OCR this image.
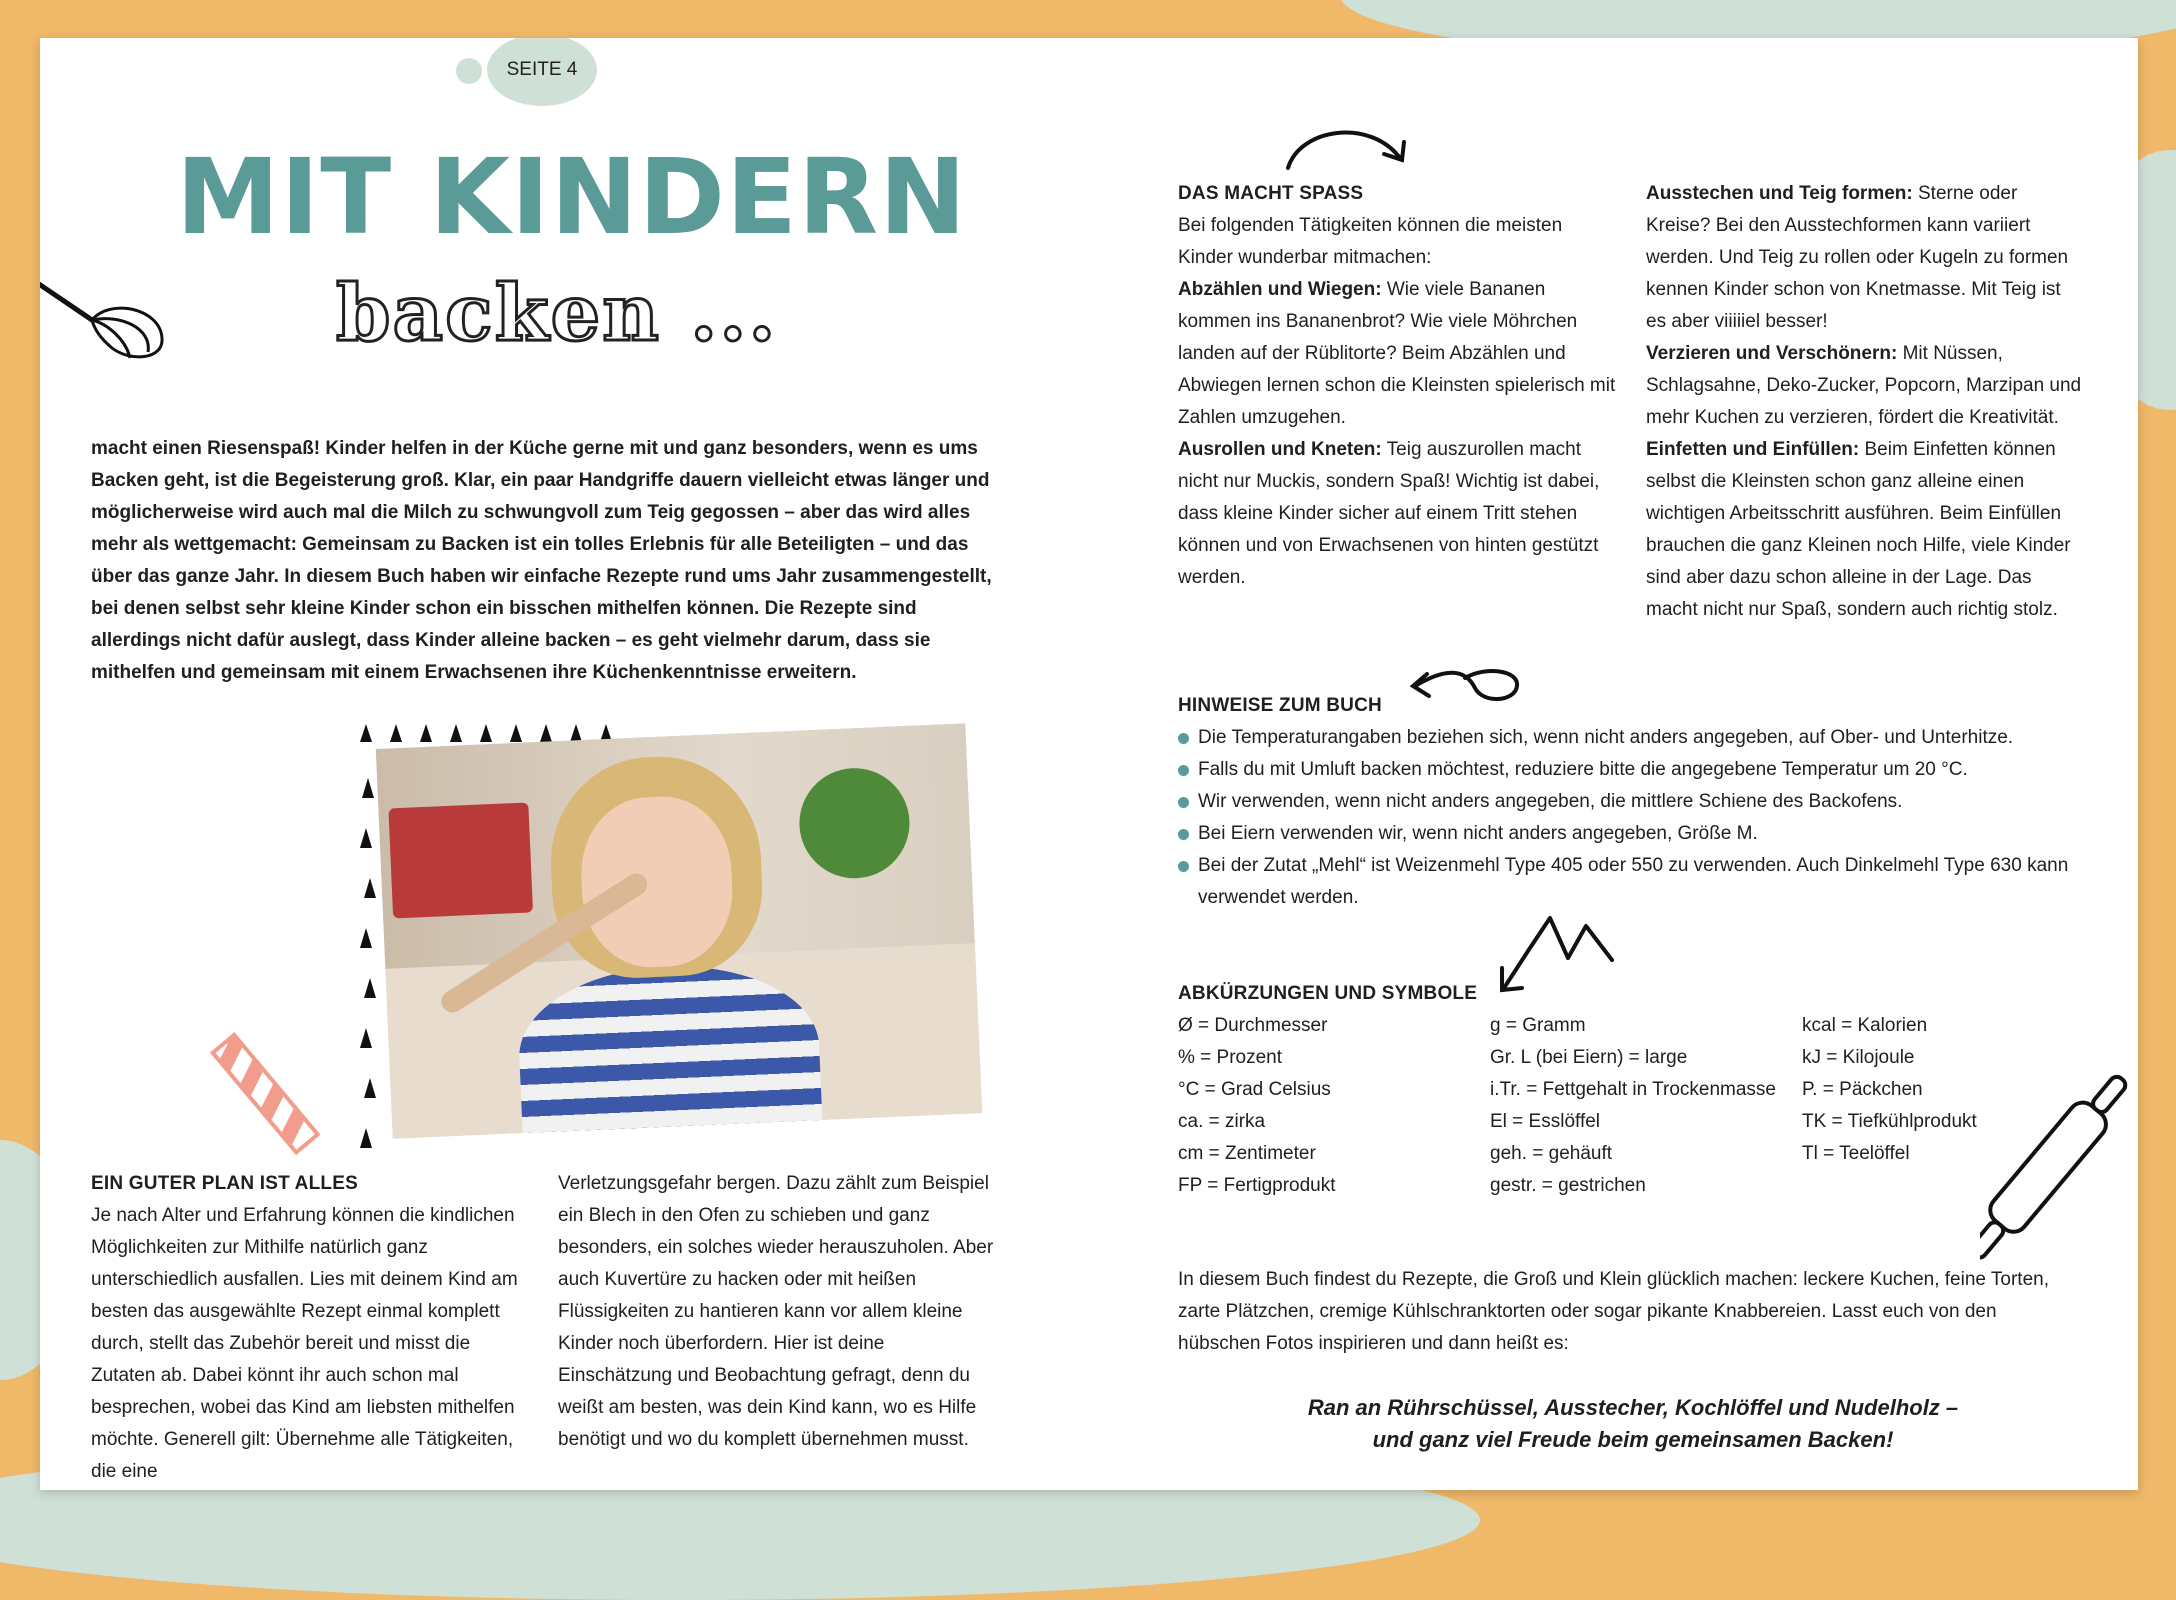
SEITE 4
MIT KINDERN
backen ...
macht einen Riesenspaß! Kinder helfen in der Küche gerne mit und ganz besonders, wenn es ums Backen geht, ist die Begeisterung groß. Klar, ein paar Handgriffe dauern vielleicht etwas länger und möglicherweise wird auch mal die Milch zu schwungvoll zum Teig gegossen – aber das wird alles mehr als wettgemacht: Gemeinsam zu Backen ist ein tolles Erlebnis für alle Beteiligten – und das über das ganze Jahr. In diesem Buch haben wir einfache Rezepte rund ums Jahr zusammengestellt, bei denen selbst sehr kleine Kinder schon ein bisschen mithelfen können. Die Rezepte sind allerdings nicht dafür auslegt, dass Kinder alleine backen – es geht vielmehr darum, dass sie mithelfen und gemeinsam mit einem Erwachsenen ihre Küchenkenntnisse erweitern.
EIN GUTER PLAN IST ALLES
Je nach Alter und Erfahrung können die kindlichen Möglichkeiten zur Mithilfe natürlich ganz unterschiedlich ausfallen. Lies mit deinem Kind am besten das ausgewählte Rezept einmal komplett durch, stellt das Zubehör bereit und misst die Zutaten ab. Dabei könnt ihr auch schon mal besprechen, wobei das Kind am liebsten mithelfen möchte. Generell gilt: Übernehme alle Tätigkeiten, die eine
Verletzungsgefahr bergen. Dazu zählt zum Beispiel ein Blech in den Ofen zu schieben und ganz besonders, ein solches wieder herauszuholen. Aber auch Kuvertüre zu hacken oder mit heißen Flüssigkeiten zu hantieren kann vor allem kleine Kinder noch überfordern. Hier ist deine Einschätzung und Beobachtung gefragt, denn du weißt am besten, was dein Kind kann, wo es Hilfe benötigt und wo du komplett übernehmen musst.
DAS MACHT SPASS

Bei folgenden Tätigkeiten können die meisten Kinder wunderbar mitmachen:

Abzählen und Wiegen: Wie viele Bananen kommen ins Bananenbrot? Wie viele Möhrchen landen auf der Rüblitorte? Beim Abzählen und Abwiegen lernen schon die Kleinsten spielerisch mit Zahlen umzugehen.

Ausrollen und Kneten: Teig auszurollen macht nicht nur Muckis, sondern Spaß! Wichtig ist dabei, dass kleine Kinder sicher auf einem Tritt stehen können und von Erwachsenen von hinten gestützt werden.

Ausstechen und Teig formen: Sterne oder Kreise? Bei den Ausstechformen kann variiert werden. Und Teig zu rollen oder Kugeln zu formen kennen Kinder schon von Knetmasse. Mit Teig ist es aber viiiiiel besser!

Verzieren und Verschönern: Mit Nüssen, Schlagsahne, Deko-Zucker, Popcorn, Marzipan und mehr Kuchen zu verzieren, fördert die Kreativität.

Einfetten und Einfüllen: Beim Einfetten können selbst die Kleinsten schon ganz alleine einen wichtigen Arbeitsschritt ausführen. Beim Einfüllen brauchen die ganz Kleinen noch Hilfe, viele Kinder sind aber dazu schon alleine in der Lage. Das macht nicht nur Spaß, sondern auch richtig stolz.

HINWEISE ZUM BUCH
Die Temperaturangaben beziehen sich, wenn nicht anders angegeben, auf Ober- und Unterhitze.
Falls du mit Umluft backen möchtest, reduziere bitte die angegebene Temperatur um 20 °C.
Wir verwenden, wenn nicht anders angegeben, die mittlere Schiene des Backofens.
Bei Eiern verwenden wir, wenn nicht anders angegeben, Größe M.
Bei der Zutat „Mehl“ ist Weizenmehl Type 405 oder 550 zu verwenden. Auch Dinkelmehl Type 630 kann verwendet werden.
ABKÜRZUNGEN UND SYMBOLE
Ø = Durchmesser
% = Prozent
°C = Grad Celsius
ca. = zirka
cm = Zentimeter
FP = Fertigprodukt
g = Gramm
Gr. L (bei Eiern) = large
i.Tr. = Fettgehalt in Trockenmasse
El = Esslöffel
geh. = gehäuft
gestr. = gestrichen
kcal = Kalorien
kJ = Kilojoule
P. = Päckchen
TK = Tiefkühlprodukt
Tl = Teelöffel
In diesem Buch findest du Rezepte, die Groß und Klein glücklich machen: leckere Kuchen, feine Torten, zarte Plätzchen, cremige Kühlschranktorten oder sogar pikante Knabbereien. Lasst euch von den hübschen Fotos inspirieren und dann heißt es:
Ran an Rührschüssel, Ausstecher, Kochlöffel und Nudelholz –
und ganz viel Freude beim gemeinsamen Backen!
